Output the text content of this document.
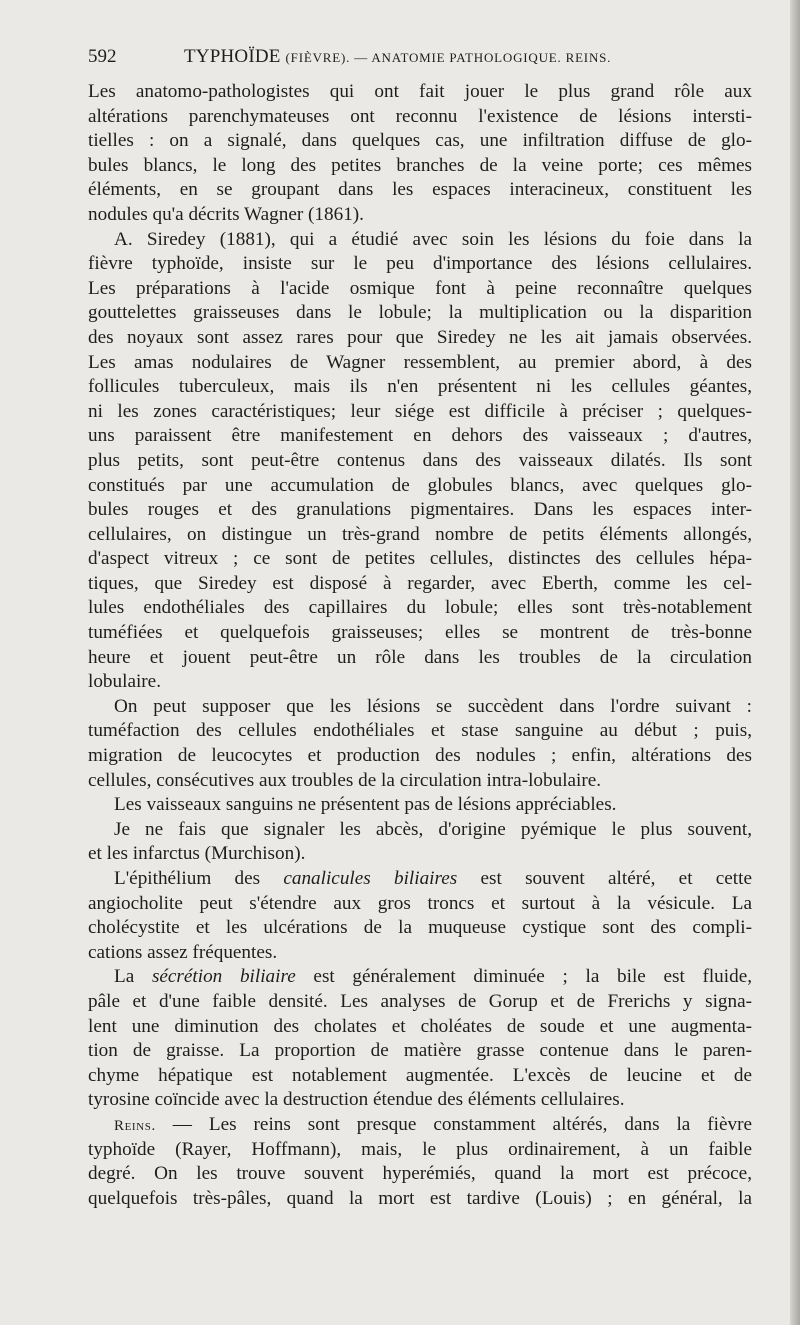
592	TYPHOÏDE (FIÈVRE). — ANATOMIE PATHOLOGIQUE. REINS.
Les anatomo-pathologistes qui ont fait jouer le plus grand rôle aux
altérations parenchymateuses ont reconnu l'existence de lésions intersti-
tielles : on a signalé, dans quelques cas, une infiltration diffuse de glo-
bules blancs, le long des petites branches de la veine porte; ces mêmes
éléments, en se groupant dans les espaces interacineux, constituent les
nodules qu'a décrits Wagner (1861).
A. Siredey (1881), qui a étudié avec soin les lésions du foie dans la
fièvre typhoïde, insiste sur le peu d'importance des lésions cellulaires.
Les préparations à l'acide osmique font à peine reconnaître quelques
gouttelettes graisseuses dans le lobule; la multiplication ou la disparition
des noyaux sont assez rares pour que Siredey ne les ait jamais observées.
Les amas nodulaires de Wagner ressemblent, au premier abord, à des
follicules tuberculeux, mais ils n'en présentent ni les cellules géantes,
ni les zones caractéristiques; leur siége est difficile à préciser ; quelques-
uns paraissent être manifestement en dehors des vaisseaux ; d'autres,
plus petits, sont peut-être contenus dans des vaisseaux dilatés. Ils sont
constitués par une accumulation de globules blancs, avec quelques glo-
bules rouges et des granulations pigmentaires. Dans les espaces inter-
cellulaires, on distingue un très-grand nombre de petits éléments allongés,
d'aspect vitreux ; ce sont de petites cellules, distinctes des cellules hépa-
tiques, que Siredey est disposé à regarder, avec Eberth, comme les cel-
lules endothéliales des capillaires du lobule; elles sont très-notablement
tuméfiées et quelquefois graisseuses; elles se montrent de très-bonne
heure et jouent peut-être un rôle dans les troubles de la circulation
lobulaire.
On peut supposer que les lésions se succèdent dans l'ordre suivant :
tuméfaction des cellules endothéliales et stase sanguine au début ; puis,
migration de leucocytes et production des nodules ; enfin, altérations des
cellules, consécutives aux troubles de la circulation intra-lobulaire.
Les vaisseaux sanguins ne présentent pas de lésions appréciables.
Je ne fais que signaler les abcès, d'origine pyémique le plus souvent,
et les infarctus (Murchison).
L'épithélium des canalicules biliaires est souvent altéré, et cette
angiocholite peut s'étendre aux gros troncs et surtout à la vésicule. La
cholécystite et les ulcérations de la muqueuse cystique sont des compli-
cations assez fréquentes.
La sécrétion biliaire est généralement diminuée ; la bile est fluide,
pâle et d'une faible densité. Les analyses de Gorup et de Frerichs y signa-
lent une diminution des cholates et choléates de soude et une augmenta-
tion de graisse. La proportion de matière grasse contenue dans le paren-
chyme hépatique est notablement augmentée. L'excès de leucine et de
tyrosine coïncide avec la destruction étendue des éléments cellulaires.
Reins. — Les reins sont presque constamment altérés, dans la fièvre
typhoïde (Rayer, Hoffmann), mais, le plus ordinairement, à un faible
degré. On les trouve souvent hyperémiés, quand la mort est précoce,
quelquefois très-pâles, quand la mort est tardive (Louis) ; en général, la
